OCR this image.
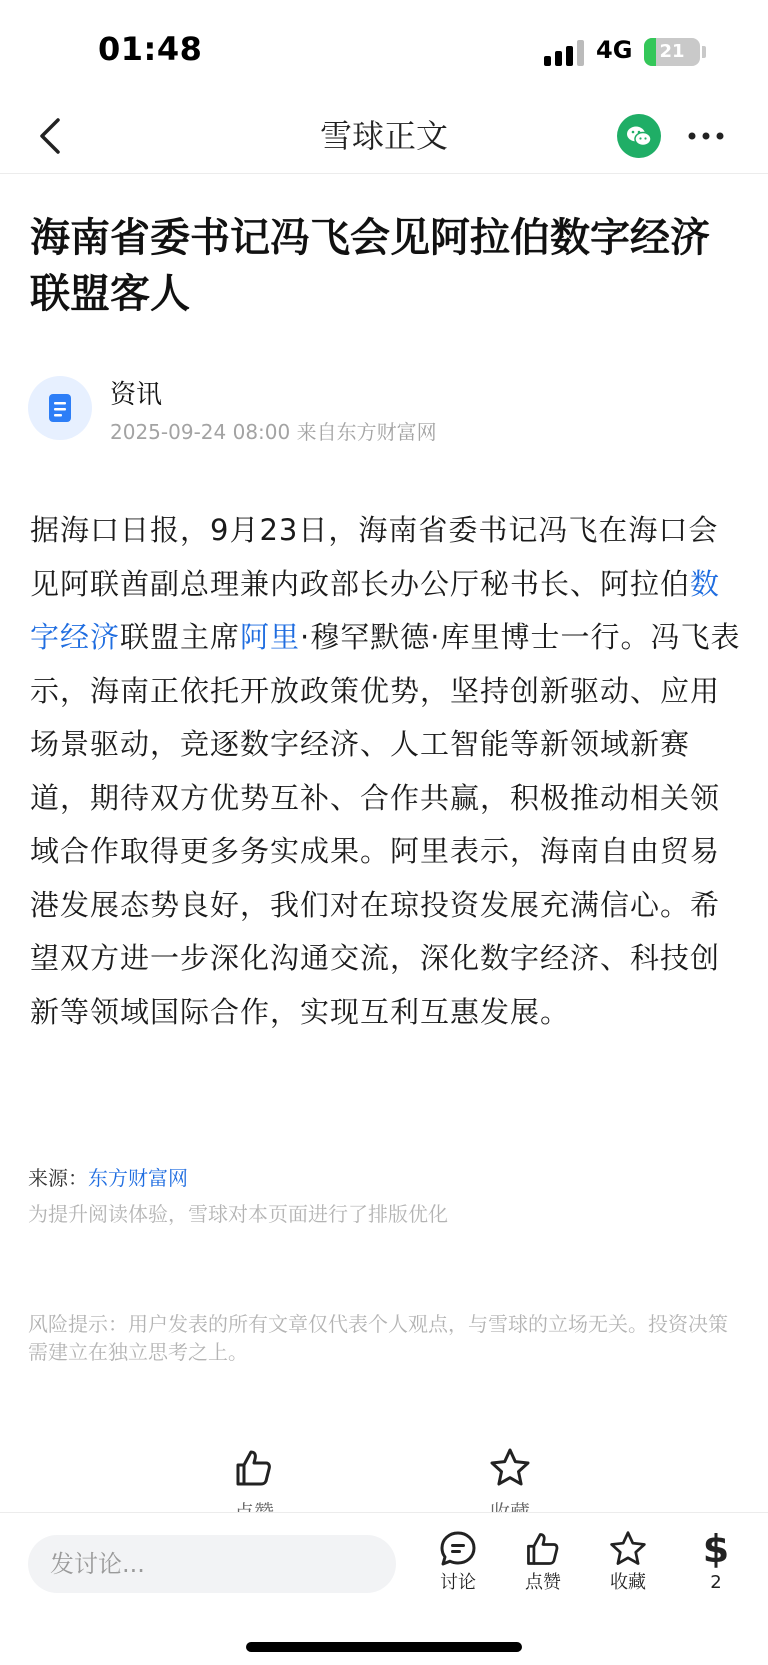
01:48	4G	21
雪球正文
海南省委书记冯飞会见阿拉伯数字经济联盟客人
资讯
2025-09-24 08:00 来自东方财富网
据海口日报，9月23日，海南省委书记冯飞在海口会见阿联酋副总理兼内政部长办公厅秘书长、阿拉伯数字经济联盟主席阿里·穆罕默德·库里博士一行。冯飞表示，海南正依托开放政策优势，坚持创新驱动、应用场景驱动，竞逐数字经济、人工智能等新领域新赛道，期待双方优势互补、合作共赢，积极推动相关领域合作取得更多务实成果。阿里表示，海南自由贸易港发展态势良好，我们对在琼投资发展充满信心。希望双方进一步深化沟通交流，深化数字经济、科技创新等领域国际合作，实现互利互惠发展。
来源：东方财富网
为提升阅读体验，雪球对本页面进行了排版优化
风险提示：用户发表的所有文章仅代表个人观点，与雪球的立场无关。投资决策需建立在独立思考之上。
发讨论...
讨论	点赞	收藏
$
2
